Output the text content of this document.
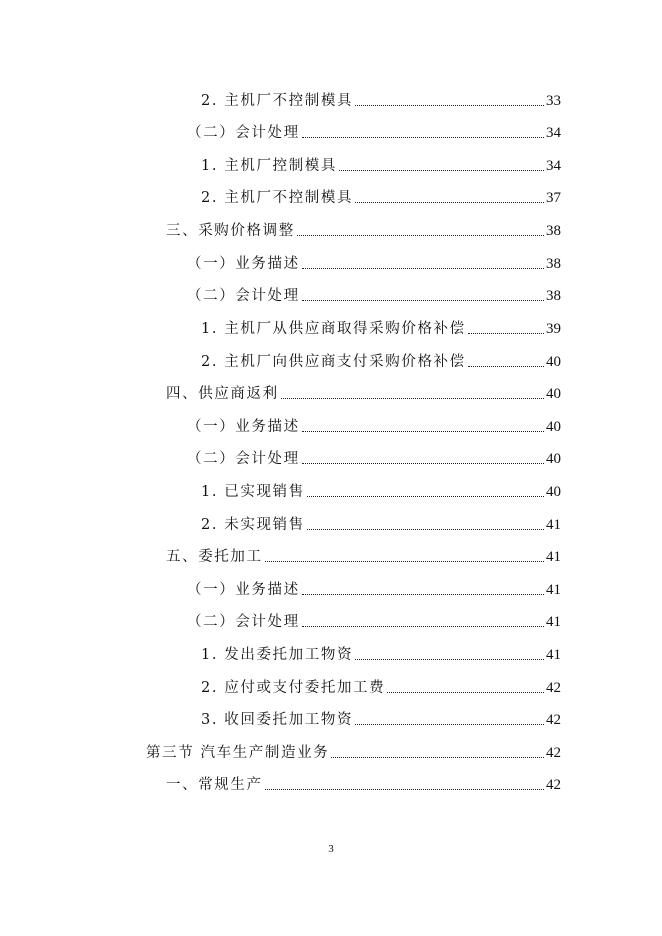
2. 主机厂不控制模具	33
（二）会计处理	34
1. 主机厂控制模具	34
2. 主机厂不控制模具	37
三、采购价格调整	38
（一）业务描述	38
（二）会计处理	38
1. 主机厂从供应商取得采购价格补偿	39
2. 主机厂向供应商支付采购价格补偿	40
四、供应商返利	40
（一）业务描述	40
（二）会计处理	40
1. 已实现销售	40
2. 未实现销售	41
五、委托加工	41
（一）业务描述	41
（二）会计处理	41
1. 发出委托加工物资	41
2. 应付或支付委托加工费	42
3. 收回委托加工物资	42
第三节 汽车生产制造业务	42
一、常规生产	42
3
